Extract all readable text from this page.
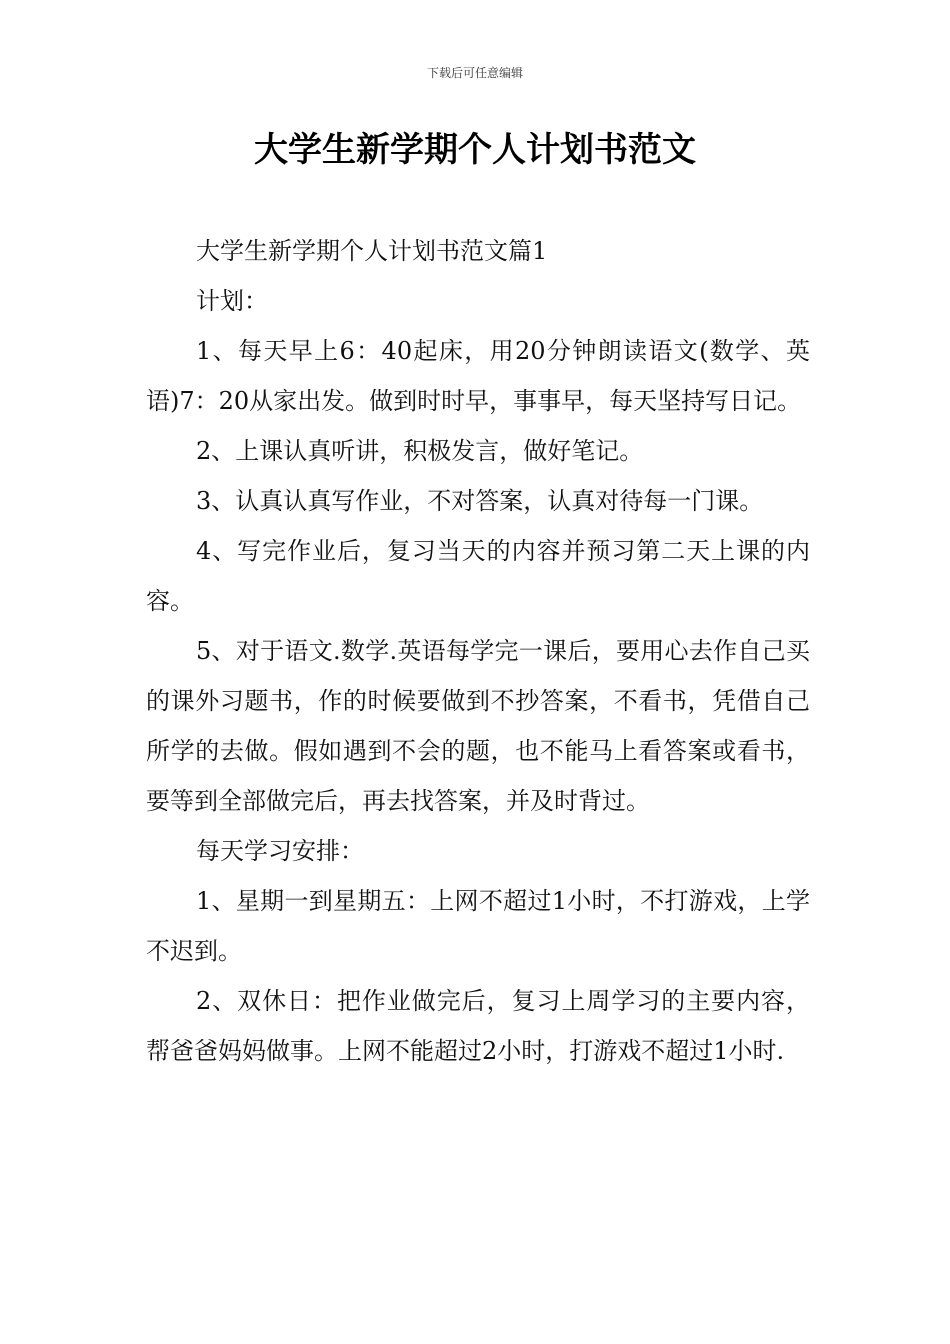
下载后可任意编辑
大学生新学期个人计划书范文

大学生新学期个人计划书范文篇1

计划：

1、每天早上6：40起床，用20分钟朗读语文(数学、英语)7：20从家出发。做到时时早，事事早，每天坚持写日记。

2、上课认真听讲，积极发言，做好笔记。

3、认真认真写作业，不对答案，认真对待每一门课。

4、写完作业后，复习当天的内容并预习第二天上课的内容。

5、对于语文.数学.英语每学完一课后，要用心去作自己买的课外习题书，作的时候要做到不抄答案，不看书，凭借自己所学的去做。假如遇到不会的题，也不能马上看答案或看书，要等到全部做完后，再去找答案，并及时背过。

每天学习安排：

1、星期一到星期五：上网不超过1小时，不打游戏，上学不迟到。

2、双休日：把作业做完后，复习上周学习的主要内容，帮爸爸妈妈做事。上网不能超过2小时，打游戏不超过1小时.
